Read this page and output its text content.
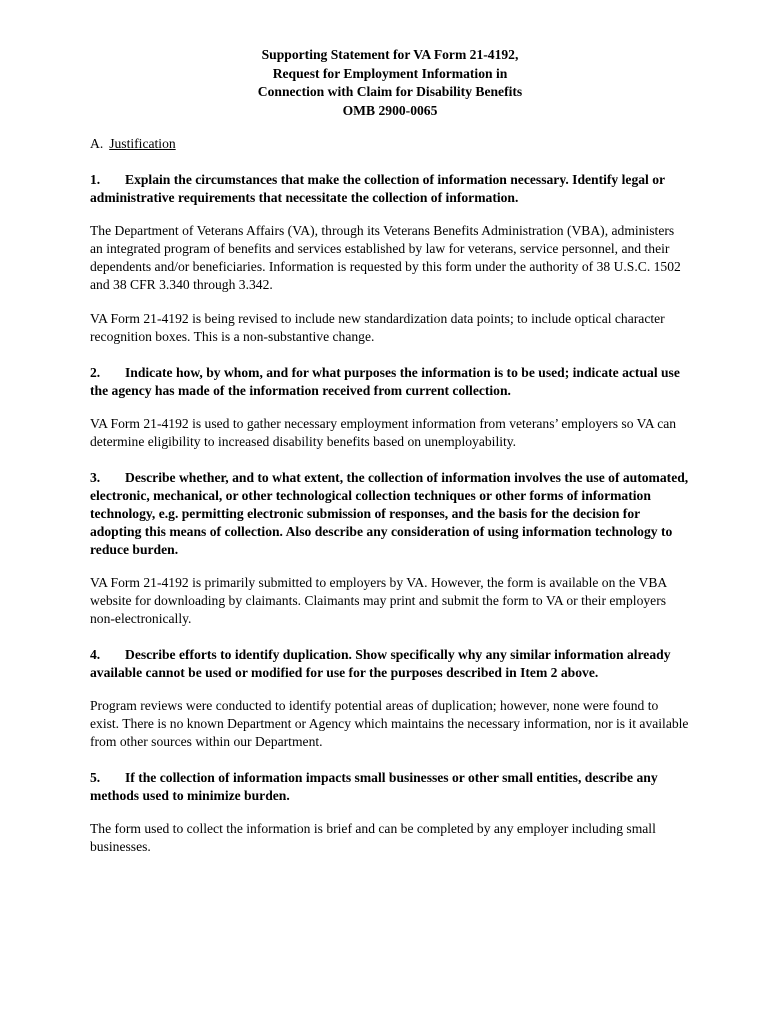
Supporting Statement for VA Form 21-4192,
Request for Employment Information in
Connection with Claim for Disability Benefits
OMB 2900-0065
A. Justification

1. Explain the circumstances that make the collection of information necessary. Identify legal or administrative requirements that necessitate the collection of information.

The Department of Veterans Affairs (VA), through its Veterans Benefits Administration (VBA), administers an integrated program of benefits and services established by law for veterans, service personnel, and their dependents and/or beneficiaries. Information is requested by this form under the authority of 38 U.S.C. 1502 and 38 CFR 3.340 through 3.342.

VA Form 21-4192 is being revised to include new standardization data points; to include optical character recognition boxes. This is a non-substantive change.

2. Indicate how, by whom, and for what purposes the information is to be used; indicate actual use the agency has made of the information received from current collection.

VA Form 21-4192 is used to gather necessary employment information from veterans’ employers so VA can determine eligibility to increased disability benefits based on unemployability.

3. Describe whether, and to what extent, the collection of information involves the use of automated, electronic, mechanical, or other technological collection techniques or other forms of information technology, e.g. permitting electronic submission of responses, and the basis for the decision for adopting this means of collection. Also describe any consideration of using information technology to reduce burden.

VA Form 21-4192 is primarily submitted to employers by VA. However, the form is available on the VBA website for downloading by claimants. Claimants may print and submit the form to VA or their employers non-electronically.

4. Describe efforts to identify duplication. Show specifically why any similar information already available cannot be used or modified for use for the purposes described in Item 2 above.

Program reviews were conducted to identify potential areas of duplication; however, none were found to exist. There is no known Department or Agency which maintains the necessary information, nor is it available from other sources within our Department.

5. If the collection of information impacts small businesses or other small entities, describe any methods used to minimize burden.

The form used to collect the information is brief and can be completed by any employer including small businesses.
